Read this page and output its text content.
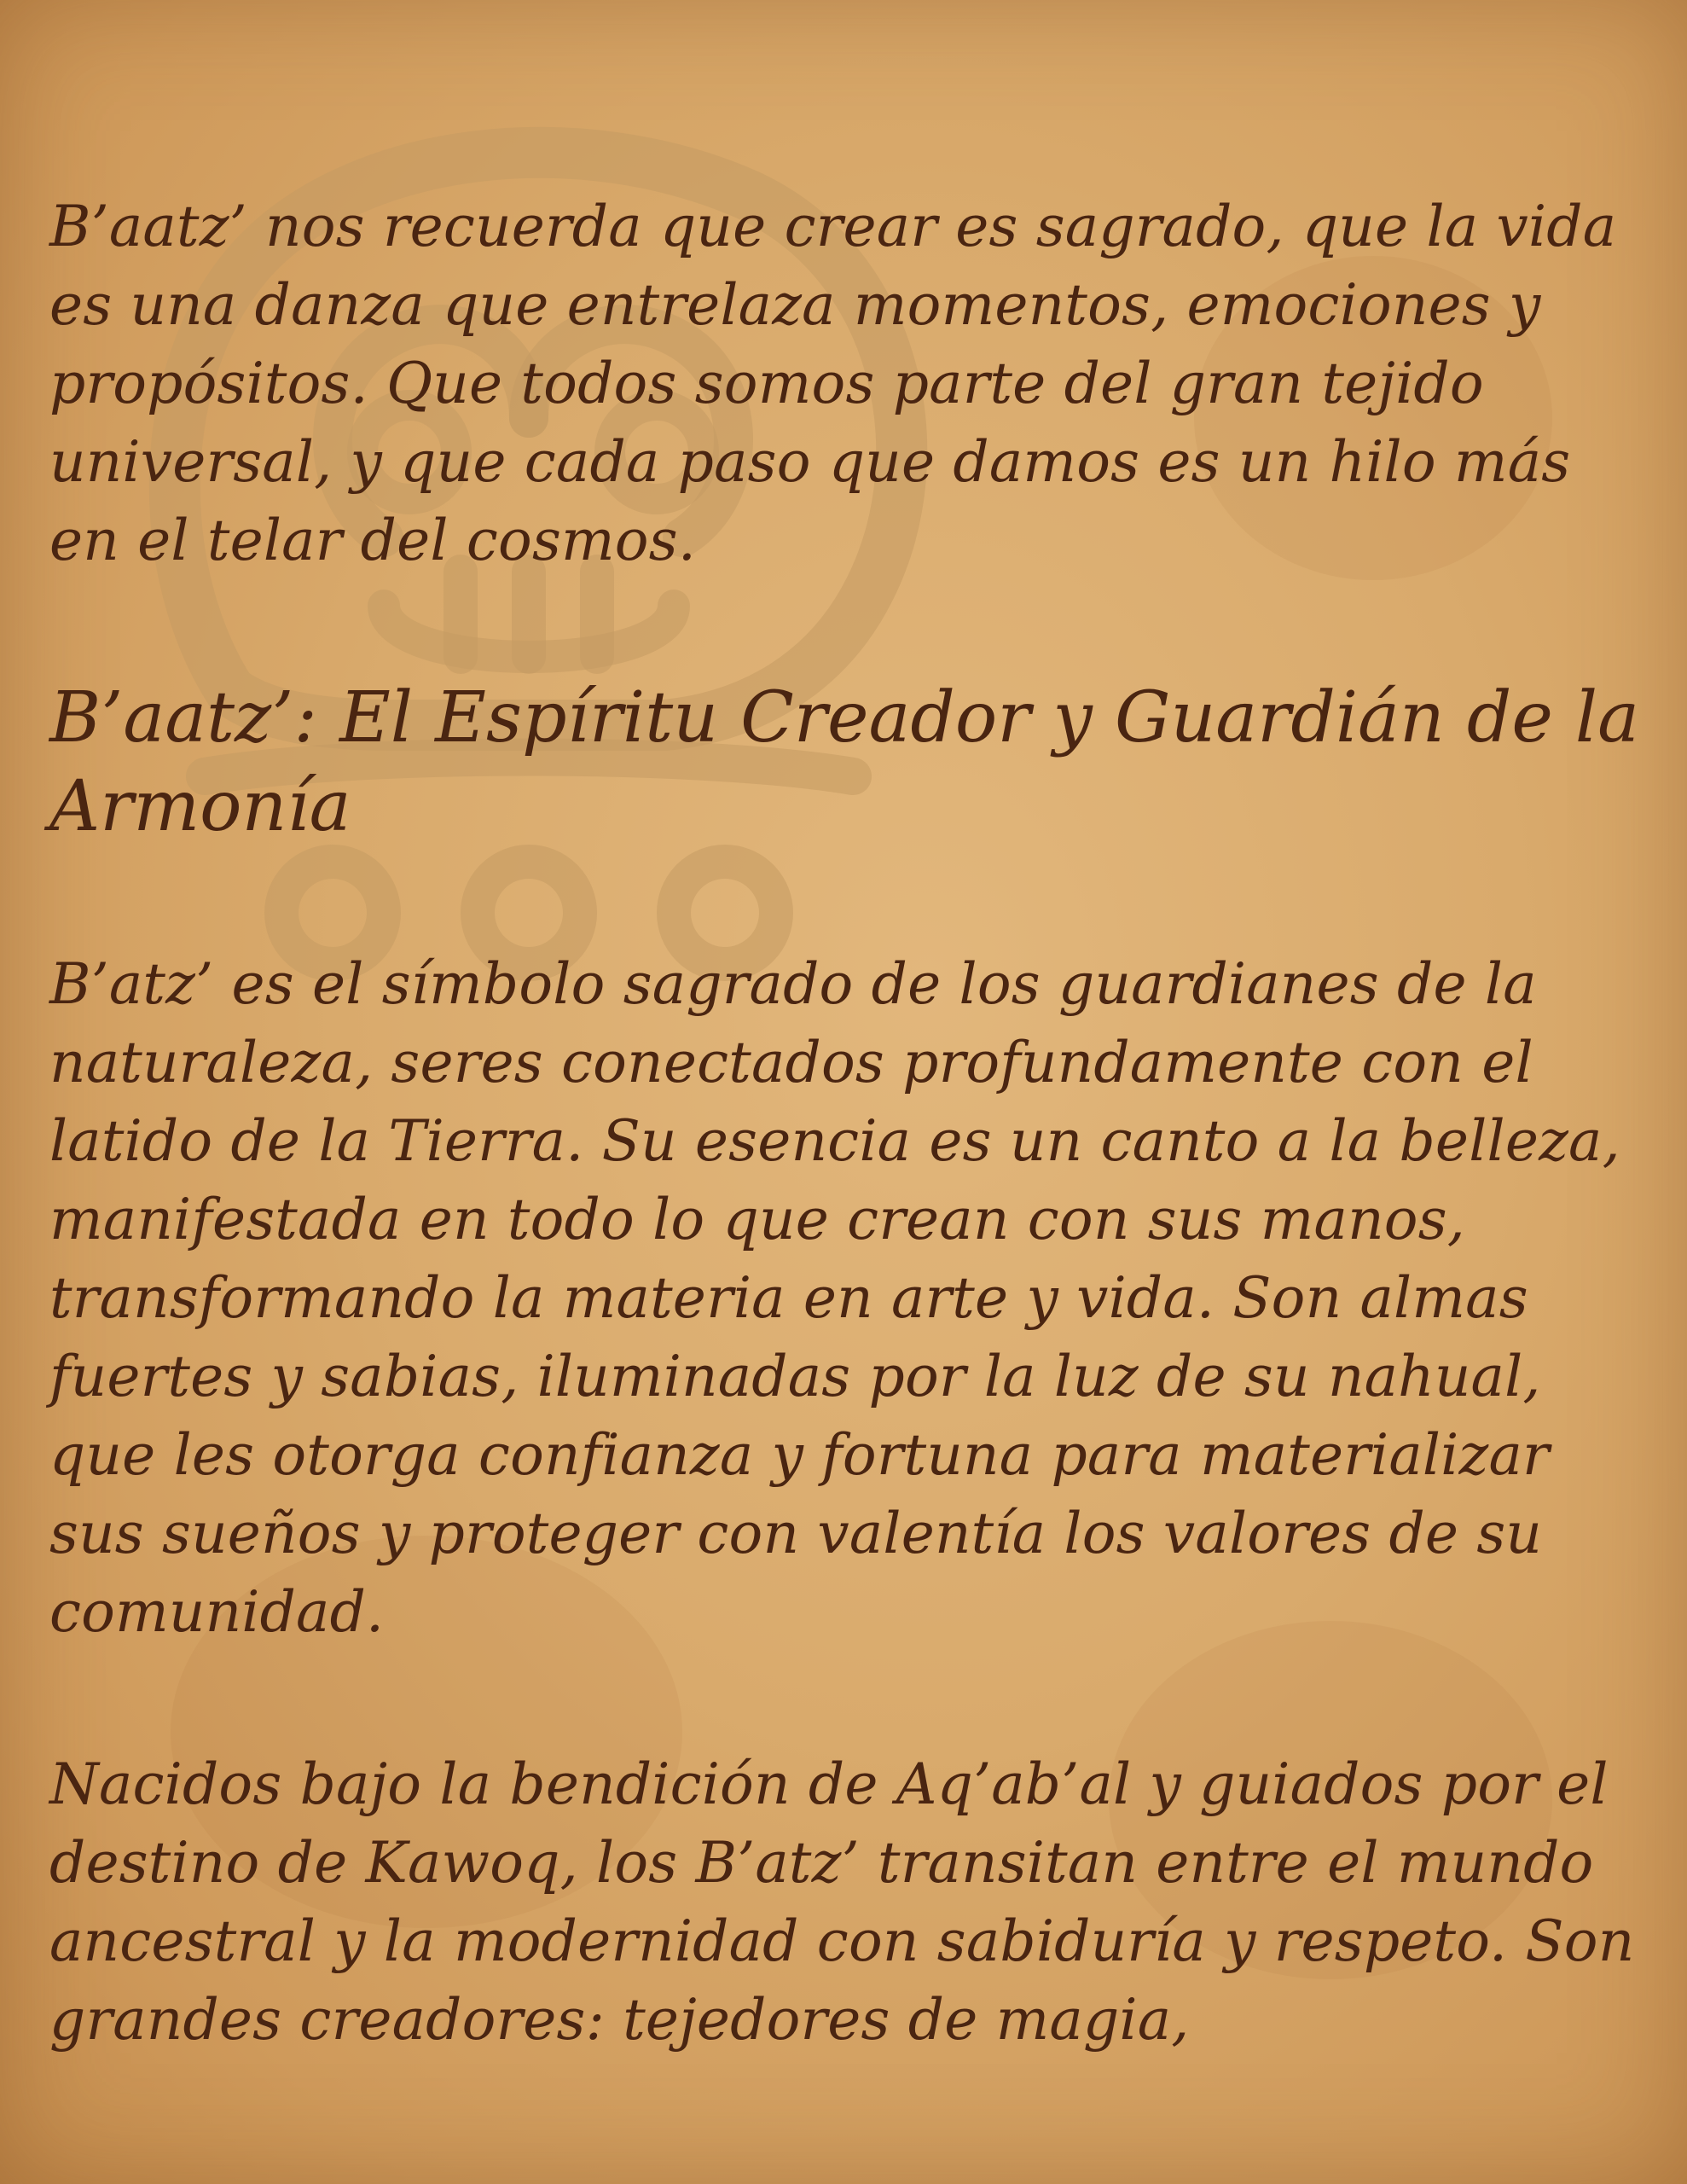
B’aatz’ nos recuerda que crear es sagrado, que la vida es una danza que entrelaza momentos, emociones y propósitos. Que todos somos parte del gran tejido universal, y que cada paso que damos es un hilo más en el telar del cosmos.

B’aatz’: El Espíritu Creador y Guardián de la Armonía

B’atz’ es el símbolo sagrado de los guardianes de la naturaleza, seres conectados profundamente con el latido de la Tierra. Su esencia es un canto a la belleza, manifestada en todo lo que crean con sus manos, transformando la materia en arte y vida. Son almas fuertes y sabias, iluminadas por la luz de su nahual, que les otorga confianza y fortuna para materializar sus sueños y proteger con valentía los valores de su comunidad.

Nacidos bajo la bendición de Aq’ab’al y guiados por el destino de Kawoq, los B’atz’ transitan entre el mundo ancestral y la modernidad con sabiduría y respeto. Son grandes creadores: tejedores de magia,
